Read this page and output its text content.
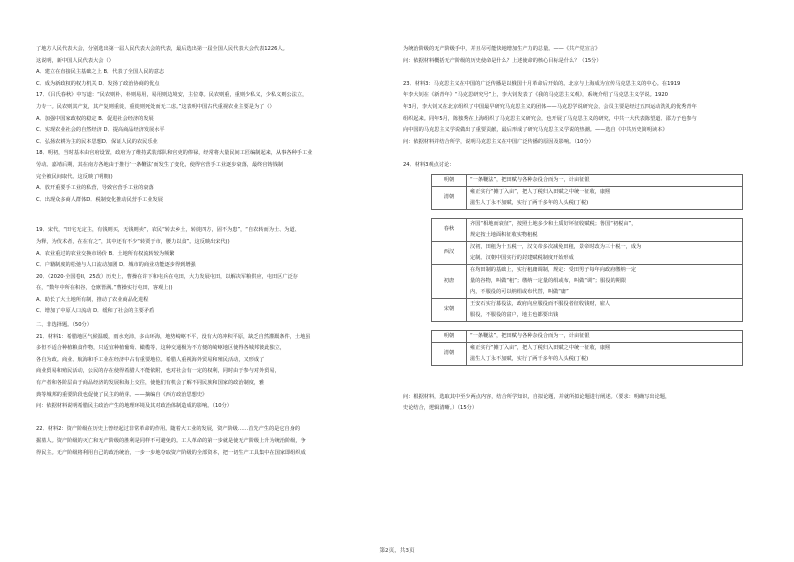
了地方人民代表大会，分别选出第一届人民代表大会的代表，最后选出第一届全国人民代表大会代表1226人。

这说明，新中国人民代表大会（）

A．建立在直接民主基础之上 B．代表了全国人民的意志

C．成为新政权的权力机关 D．发扬了政治协商的优点

17．《吕氏春秋》中写道：“民农则朴，朴则易用，易用则边境安，主位尊。民农则重，重则少私义，少私义则公法立，

力专一。民农则其产复，其产复则重徙，重徙则死处而无二虑。”这表明中国古代重视农业主要是为了（）

A．加强中国家政权的稳定 B．促进社会经济的发展

C．实现农业社会的自然经济 D．提高商品经济发展水平

C．弘扬农耕为主的民本思想D．保证人民的农民乐业

18．明初，当时基本由官府设置，政府为了维持武装部队和官吏的俸禄，经常将大量民间工匠编制起来，从事各种手工业

劳动。嘉靖后期，其在南方各地由于推行‘一条鞭法’而发生了变化，使得官营手工业逐步衰落，最终官铸钱制

完全被民间取代。这反映了明朝()

A．放开重要手工业的私营，导致官营手工业的衰落

C．出现众多商人群体D．税制变化推动民营手工业发展

19．宋代，“田宅无定主，有钱则买，无钱则卖”，农民“转去乡土，转徙四方，固不为患”，“自农转而为士、为道、

为释，为伎术者，在在有之”，其中还有不少“转贾于市，腰力以食”。这反映出宋代()

A．农业重过的农业交换市场价 B．土地所有权流转较为频繁

C．户籍制度的松弛与人口流动加剧 D．城市的商业功能逐步得到增强

20．（2020·全国卷II，25改）历史上，曹操在许下和屯兵在屯田，大力发展屯田，以解决军粮供应，屯田区广泛存

在，“数年中所在积谷，仓廪皆满。”曹操实行屯田，客观上()

A．助长了大土地所有制，推动了农业商品化进程

C．增加了中原人口流动 D．缓和了社会的主要矛盾

二、非选择题。（50分）

21．材料1：希腊地区气候温暖，雨水充沛，多山环海，地势崎岖不平，没有大的冲积平原，缺乏自然灌溉条件，土地虽

多但不适合种植粮食作物，只适宜种植葡萄、橄榄等，这种交通极为不方便的崎岖地区使得各城邦彼此独立，

各自为政。商业、航海和手工业在经济中占有重要地位。希腊人重视海外贸易和殖民活动，又形成了

商业贸易和殖民活动，公民的存在使得希腊人不能依附，也对社会有一定的权利，同时由于参与对外贸易，

有产者和各阶层由于商品经济的发展和海上交往，使他们有机会了解不同民族和国家的政治制度，雅

典等城邦的重要阶段也促使了民主的萌芽。——摘编自《西方政治思想史》

问：依据材料说明希腊民主政治产生的地理环境及其对政治体制造成的影响。（10分）

22．材料2：资产阶级在历史上曾经起过非常革命的作用。随着大工业的发展，资产阶级……首先产生的是它自身的

掘墓人。资产阶级的灭亡和无产阶级的胜利是同样不可避免的。工人革命的第一步就是使无产阶级上升为统治阶级，争

得民主。无产阶级将利用自己的政治统治，一步一步地夺取资产阶级的全部资本，把一切生产工具集中在国家即组织成

为统治阶级的无产阶级手中，并且尽可能快地增加生产力的总量。——《共产党宣言》

问：依据材料概括无产阶级的历史使命是什么？上述使命的核心目标是什么？（15分）

23．材料3：马克思主义在中国的广泛传播是以俄国十月革命后开始的。北京与上海成为宣传马克思主义的中心。在1919

年李大钊在《新青年》“马克思研究号”上，李大钊发表了《我的马克思主义观》，系统介绍了马克思主义学说。1920

年3月，李大钊又在北京组织了中国最早研究马克思主义的团体——马克思学说研究会，会员主要是经过五四运动洗礼的优秀青年

组织起来。同年5月，陈独秀在上海组织了马克思主义研究会，也开展了马克思主义的研究，中共一大代表陈望道、邵力子也参与

向中国的马克思主义学说做出了重要贡献，最后形成了研究马克思主义学说的热潮。——选自《中共历史简明读本》

问：依据材料并结合所学，说明马克思主义在中国广泛传播的原因及影响。（10分）

24．材料3观点讨论：

明朝	“一条鞭法”，把田赋与各种杂役合而为一，计亩征银
清朝	雍正实行“摊丁入亩”，把人丁税归入田赋之中统一征收，康熙
	滋生人丁永不加赋，实行了两千多年的人头税(丁税)
春秋	齐国“相地而衰征”，按照土地多少和土质好坏征收赋税；鲁国“初税亩”，
	规定按土地面积征收实物租税
西汉	汉初，田租为十五税一，汉文帝多次减免田租，景帝时改为三十税一，成为
	定制。汉朝中国实行的封建赋税制度开始形成
初唐	在均田制的基础上，实行租庸调制，规定：受田男子每年向政府缴纳一定
	量的谷物，叫做“租”；缴纳一定量的绢或布，叫做“调”；服役的期限
	内，不服役的可以纳绢或布代替，叫做“庸”
宋朝	王安石实行募役法，政府向应服役而不服役者征收钱财，雇人
	服役，不服役的富户，地主也都要出钱
明朝	“一条鞭法”，把田赋与各种杂役合而为一，计亩征银
清朝	雍正实行“摊丁入亩”，把人丁税归入田赋之中统一征收，康熙
	滋生人丁永不加赋，实行了两千多年的人头税(丁税)

问：根据材料，选取其中至少两点内容，结合所学知识，自拟论题，并就所拟论题进行阐述。（要求：明确写出论题，

史论结合，逻辑清晰。）（15分）

第2页，共3页
